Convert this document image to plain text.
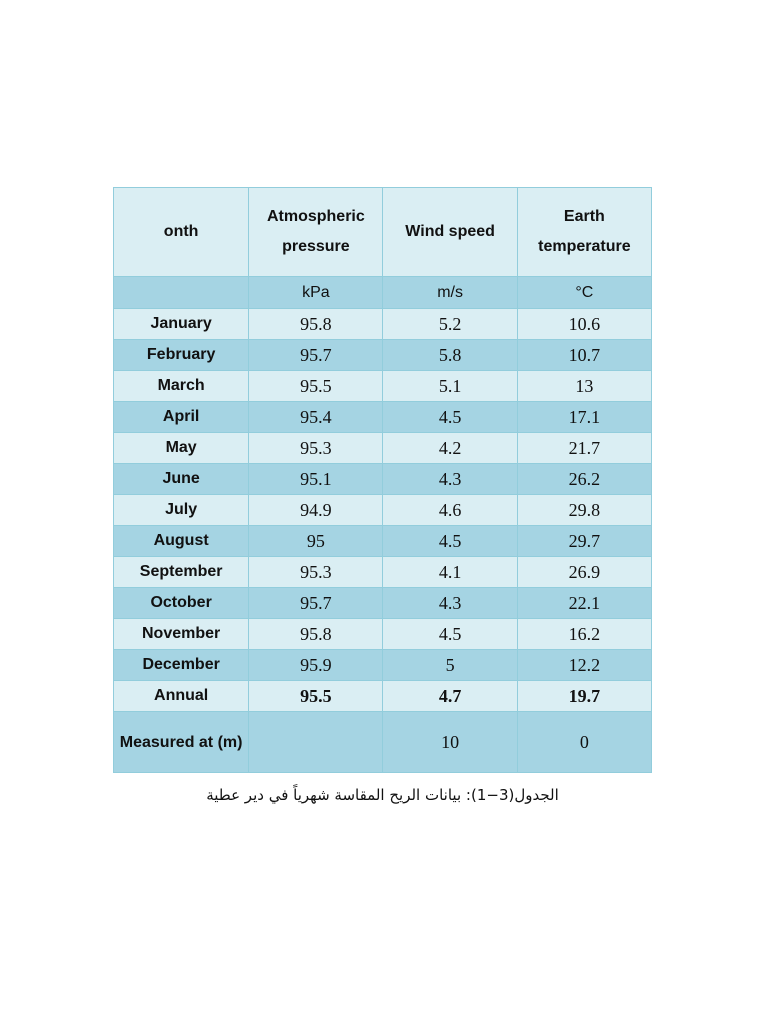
onth	Atmospheric pressure	Wind speed	Earth temperature
	kPa	m/s	°C
January	95.8	5.2	10.6
February	95.7	5.8	10.7
March	95.5	5.1	13
April	95.4	4.5	17.1
May	95.3	4.2	21.7
June	95.1	4.3	26.2
July	94.9	4.6	29.8
August	95	4.5	29.7
September	95.3	4.1	26.9
October	95.7	4.3	22.1
November	95.8	4.5	16.2
December	95.9	5	12.2
Annual	95.5	4.7	19.7
Measured at (m)		10	0
الجدول(3−1): بيانات الريح المقاسة شهرياً في دير عطية
